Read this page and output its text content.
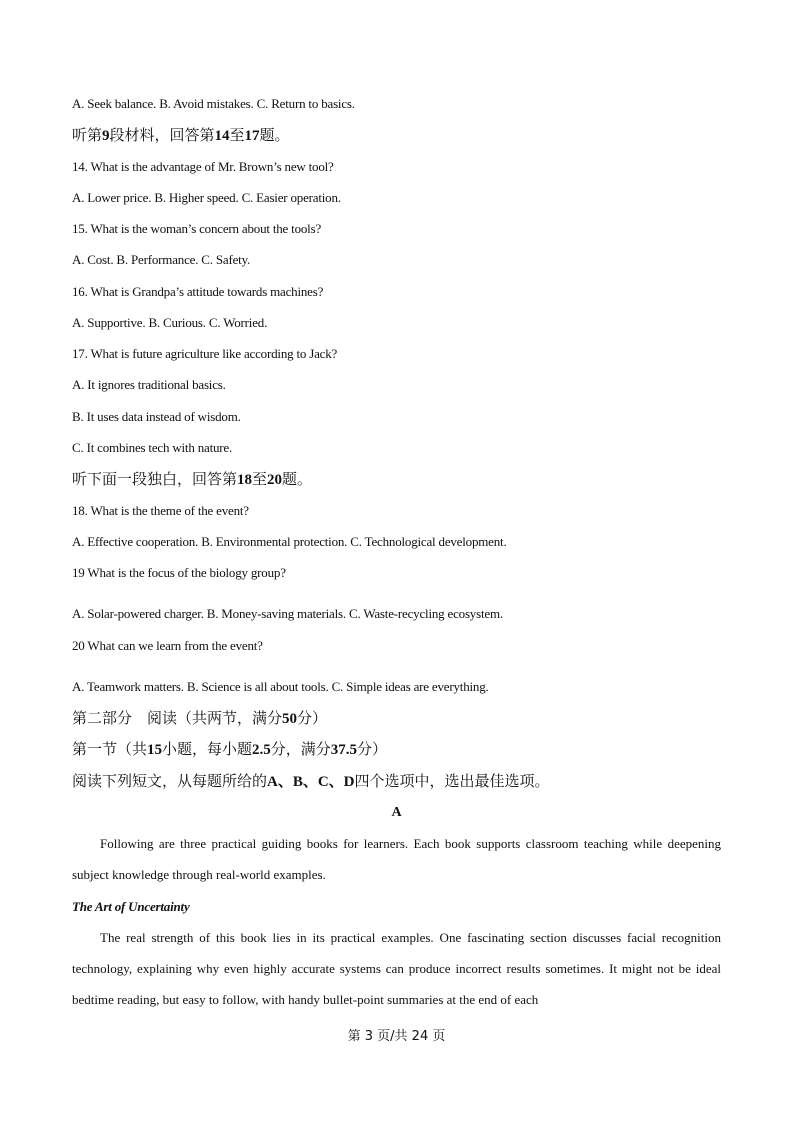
A. Seek balance. B. Avoid mistakes. C. Return to basics.
听第9段材料，回答第14至17题。
14. What is the advantage of Mr. Brown’s new tool?
A. Lower price. B. Higher speed. C. Easier operation.
15. What is the woman’s concern about the tools?
A. Cost. B. Performance. C. Safety.
16. What is Grandpa’s attitude towards machines?
A. Supportive. B. Curious. C. Worried.
17. What is future agriculture like according to Jack?
A. It ignores traditional basics.
B. It uses data instead of wisdom.
C. It combines tech with nature.
听下面一段独白，回答第18至20题。
18. What is the theme of the event?
A. Effective cooperation. B. Environmental protection. C. Technological development.
19 What is the focus of the biology group?
A. Solar-powered charger. B. Money-saving materials. C. Waste-recycling ecosystem.
20 What can we learn from the event?
A. Teamwork matters. B. Science is all about tools. C. Simple ideas are everything.
第二部分　阅读（共两节，满分50分）
第一节（共15小题，每小题2.5分，满分37.5分）
阅读下列短文，从每题所给的A、B、C、D四个选项中，选出最佳选项。
A
Following are three practical guiding books for learners. Each book supports classroom teaching while deepening subject knowledge through real-world examples.
The Art of Uncertainty
The real strength of this book lies in its practical examples. One fascinating section discusses facial recognition technology, explaining why even highly accurate systems can produce incorrect results sometimes. It might not be ideal bedtime reading, but easy to follow, with handy bullet-point summaries at the end of each
第 3 页/共 24 页
